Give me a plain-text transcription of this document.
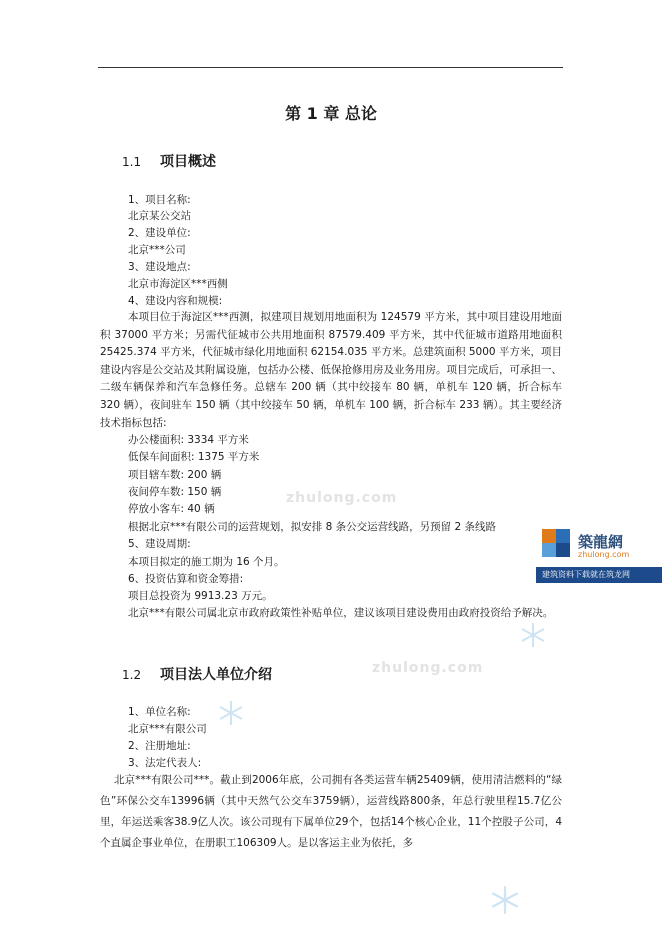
第 1 章 总论
1.1 项目概述
1、项目名称:
北京某公交站
2、建设单位:
北京***公司
3、建设地点:
北京市海淀区***西侧
4、建设内容和规模:
本项目位于海淀区***西测，拟建项目规划用地面积为 124579 平方米，其中项目建设用地面积 37000 平方米；另需代征城市公共用地面积 87579.409 平方米，其中代征城市道路用地面积 25425.374 平方米，代征城市绿化用地面积 62154.035 平方米。总建筑面积 5000 平方米，项目建设内容是公交站及其附属设施，包括办公楼、低保抢修用房及业务用房。项目完成后，可承担一、二级车辆保养和汽车急修任务。总辖车 200 辆（其中绞接车 80 辆，单机车 120 辆，折合标车 320 辆），夜间驻车 150 辆（其中绞接车 50 辆，单机车 100 辆，折合标车 233 辆）。其主要经济技术指标包括:
办公楼面积: 3334 平方米
低保车间面积: 1375 平方米
项目辖车数: 200 辆
夜间停车数: 150 辆
停放小客车: 40 辆
根据北京***有限公司的运营规划，拟安排 8 条公交运营线路，另预留 2 条线路
5、建设周期:
本项目拟定的施工期为 16 个月。
6、投资估算和资金筹措:
项目总投资为 9913.23 万元。
北京***有限公司属北京市政府政策性补贴单位，建议该项目建设费用由政府投资给予解决。
1.2 项目法人单位介绍
1、单位名称:
北京***有限公司
2、注册地址:
3、法定代表人:
北京***有限公司***。截止到2006年底，公司拥有各类运营车辆25409辆，使用清洁燃料的“绿色”环保公交车13996辆（其中天然气公交车3759辆），运营线路800条，年总行驶里程15.7亿公里，年运送乘客38.9亿人次。该公司现有下属单位29个，包括14个核心企业，11个控股子公司，4个直属企事业单位，在册职工106309人。是以客运主业为依托，多
zhulong.com
zhulong.com
築龍網
zhulong.com
建筑资料下载就在筑龙网
